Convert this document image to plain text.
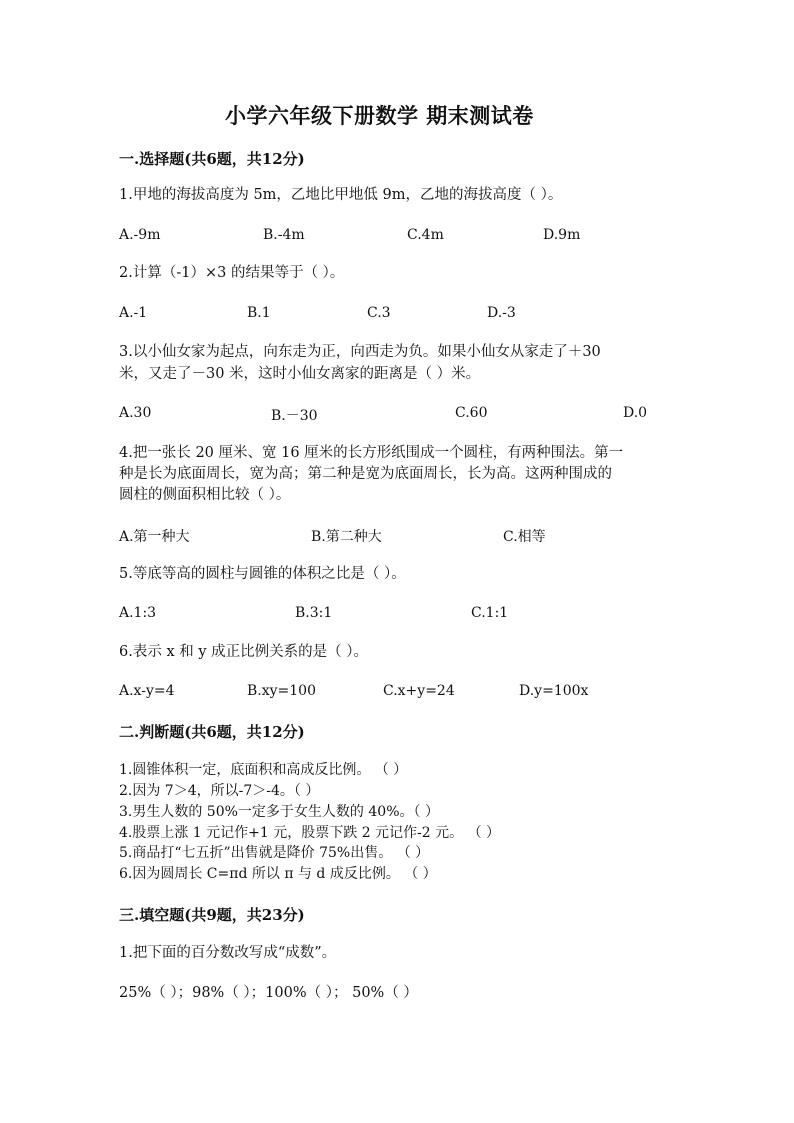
小学六年级下册数学 期末测试卷
一.选择题(共6题，共12分)
1.甲地的海拔高度为 5m，乙地比甲地低 9m，乙地的海拔高度（ ）。
A.-9m	B.-4m	C.4m	D.9m
2.计算（-1）×3 的结果等于（ ）。
A.-1	B.1	C.3	D.-3
3.以小仙女家为起点，向东走为正，向西走为负。如果小仙女从家走了＋30
米，又走了－30 米，这时小仙女离家的距离是（ ）米。
A.30	B.－30	C.60	D.0
4.把一张长 20 厘米、宽 16 厘米的长方形纸围成一个圆柱，有两种围法。第一
种是长为底面周长，宽为高；第二种是宽为底面周长，长为高。这两种围成的
圆柱的侧面积相比较（ ）。
A.第一种大	B.第二种大	C.相等
5.等底等高的圆柱与圆锥的体积之比是（ ）。
A.1:3	B.3:1	C.1:1
6.表示 x 和 y 成正比例关系的是（ ）。
A.x-y=4	B.xy=100	C.x+y=24	D.y=100x
二.判断题(共6题，共12分)
1.圆锥体积一定，底面积和高成反比例。 （ ）
2.因为 7＞4，所以-7＞-4。（ ）
3.男生人数的 50%一定多于女生人数的 40%。（ ）
4.股票上涨 1 元记作+1 元，股票下跌 2 元记作-2 元。 （ ）
5.商品打“七五折”出售就是降价 75%出售。 （ ）
6.因为圆周长 C=πd 所以 π 与 d 成反比例。 （ ）
三.填空题(共9题，共23分)
1.把下面的百分数改写成“成数”。
25%（ ）；98%（ ）；100%（ ）； 50%（ ）
